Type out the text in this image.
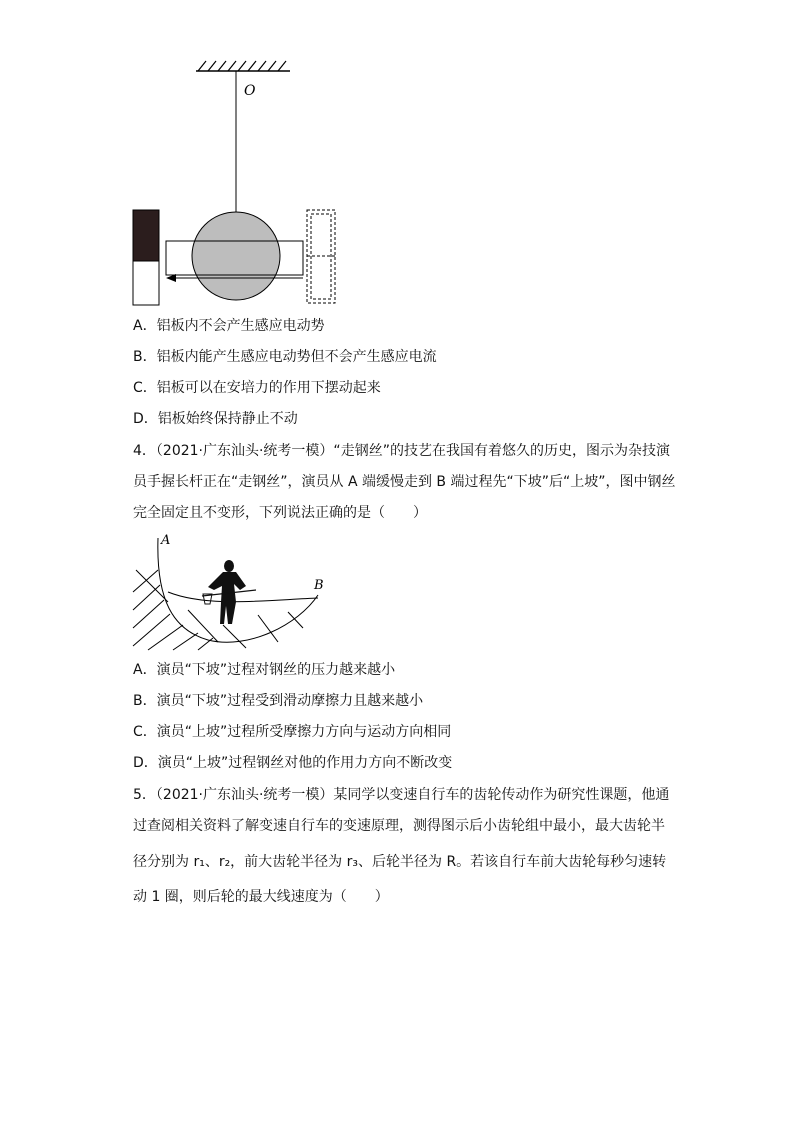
O
A．铝板内不会产生感应电动势
B．铝板内能产生感应电动势但不会产生感应电流
C．铝板可以在安培力的作用下摆动起来
D．铝板始终保持静止不动
4．（2021·广东汕头·统考一模）“走钢丝”的技艺在我国有着悠久的历史，图示为杂技演
员手握长杆正在“走钢丝”，演员从 A 端缓慢走到 B 端过程先“下坡”后“上坡”，图中钢丝
完全固定且不变形，下列说法正确的是（　　）
A
B
A．演员“下坡”过程对钢丝的压力越来越小
B．演员“下坡”过程受到滑动摩擦力且越来越小
C．演员“上坡”过程所受摩擦力方向与运动方向相同
D．演员“上坡”过程钢丝对他的作用力方向不断改变
5．（2021·广东汕头·统考一模）某同学以变速自行车的齿轮传动作为研究性课题，他通
过查阅相关资料了解变速自行车的变速原理，测得图示后小齿轮组中最小，最大齿轮半
径分别为 r₁、r₂，前大齿轮半径为 r₃、后轮半径为 R。若该自行车前大齿轮每秒匀速转
动 1 圈，则后轮的最大线速度为（　　）
